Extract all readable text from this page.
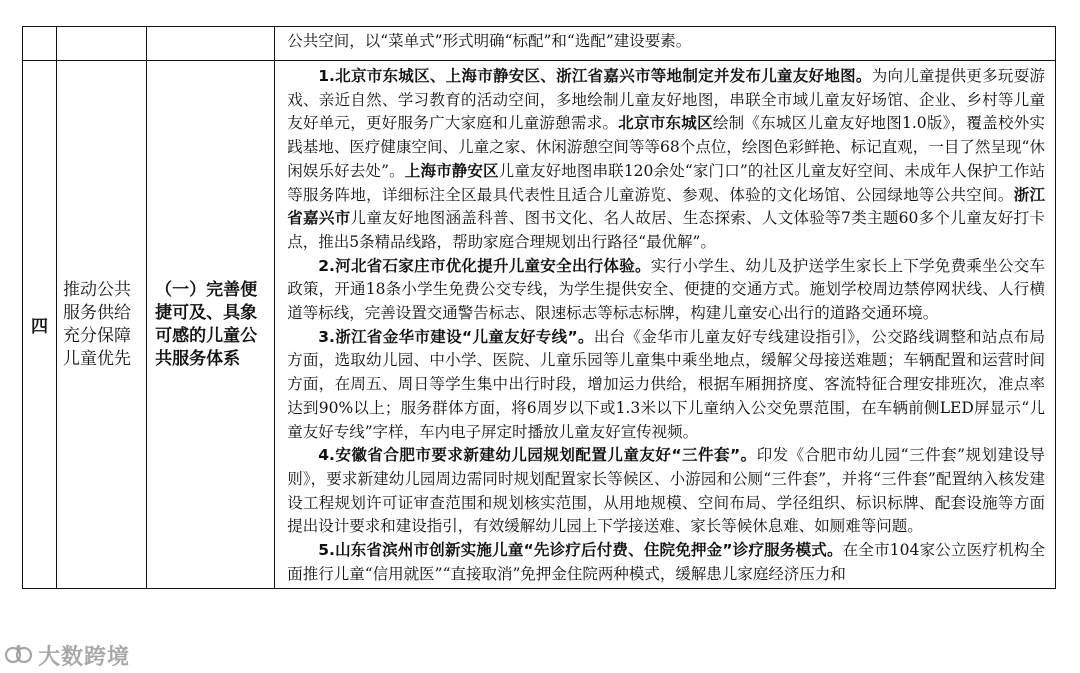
			公共空间，以“菜单式”形式明确“标配”和“选配”建设要素。
四	推动公共服务供给充分保障儿童优先	（一）完善便捷可及、具象可感的儿童公共服务体系	1.北京市东城区、上海市静安区、浙江省嘉兴市等地制定并发布儿童友好地图。为向儿童提供更多玩耍游戏、亲近自然、学习教育的活动空间，多地绘制儿童友好地图，串联全市域儿童友好场馆、企业、乡村等儿童友好单元，更好服务广大家庭和儿童游憩需求。北京市东城区绘制《东城区儿童友好地图1.0版》，覆盖校外实践基地、医疗健康空间、儿童之家、休闲游憩空间等等68个点位，绘图色彩鲜艳、标记直观，一目了然呈现“休闲娱乐好去处”。上海市静安区儿童友好地图串联120余处“家门口”的社区儿童友好空间、未成年人保护工作站等服务阵地，详细标注全区最具代表性且适合儿童游览、参观、体验的文化场馆、公园绿地等公共空间。浙江省嘉兴市儿童友好地图涵盖科普、图书文化、名人故居、生态探索、人文体验等7类主题60多个儿童友好打卡点，推出5条精品线路，帮助家庭合理规划出行路径“最优解”。

2.河北省石家庄市优化提升儿童安全出行体验。实行小学生、幼儿及护送学生家长上下学免费乘坐公交车政策，开通18条小学生免费公交专线，为学生提供安全、便捷的交通方式。施划学校周边禁停网状线、人行横道等标线，完善设置交通警告标志、限速标志等标志标牌，构建儿童安心出行的道路交通环境。

3.浙江省金华市建设“儿童友好专线”。出台《金华市儿童友好专线建设指引》，公交路线调整和站点布局方面，选取幼儿园、中小学、医院、儿童乐园等儿童集中乘坐地点，缓解父母接送难题；车辆配置和运营时间方面，在周五、周日等学生集中出行时段，增加运力供给，根据车厢拥挤度、客流特征合理安排班次，准点率达到90%以上；服务群体方面，将6周岁以下或1.3米以下儿童纳入公交免票范围，在车辆前侧LED屏显示“儿童友好专线”字样，车内电子屏定时播放儿童友好宣传视频。

4.安徽省合肥市要求新建幼儿园规划配置儿童友好“三件套”。印发《合肥市幼儿园“三件套”规划建设导则》，要求新建幼儿园周边需同时规划配置家长等候区、小游园和公厕“三件套”，并将“三件套”配置纳入核发建设工程规划许可证审查范围和规划核实范围，从用地规模、空间布局、学径组织、标识标牌、配套设施等方面提出设计要求和建设指引，有效缓解幼儿园上下学接送难、家长等候休息难、如厕难等问题。

5.山东省滨州市创新实施儿童“先诊疗后付费、住院免押金”诊疗服务模式。在全市104家公立医疗机构全面推行儿童“信用就医”“直接取消”免押金住院两种模式，缓解患儿家庭经济压力和

大数跨境
